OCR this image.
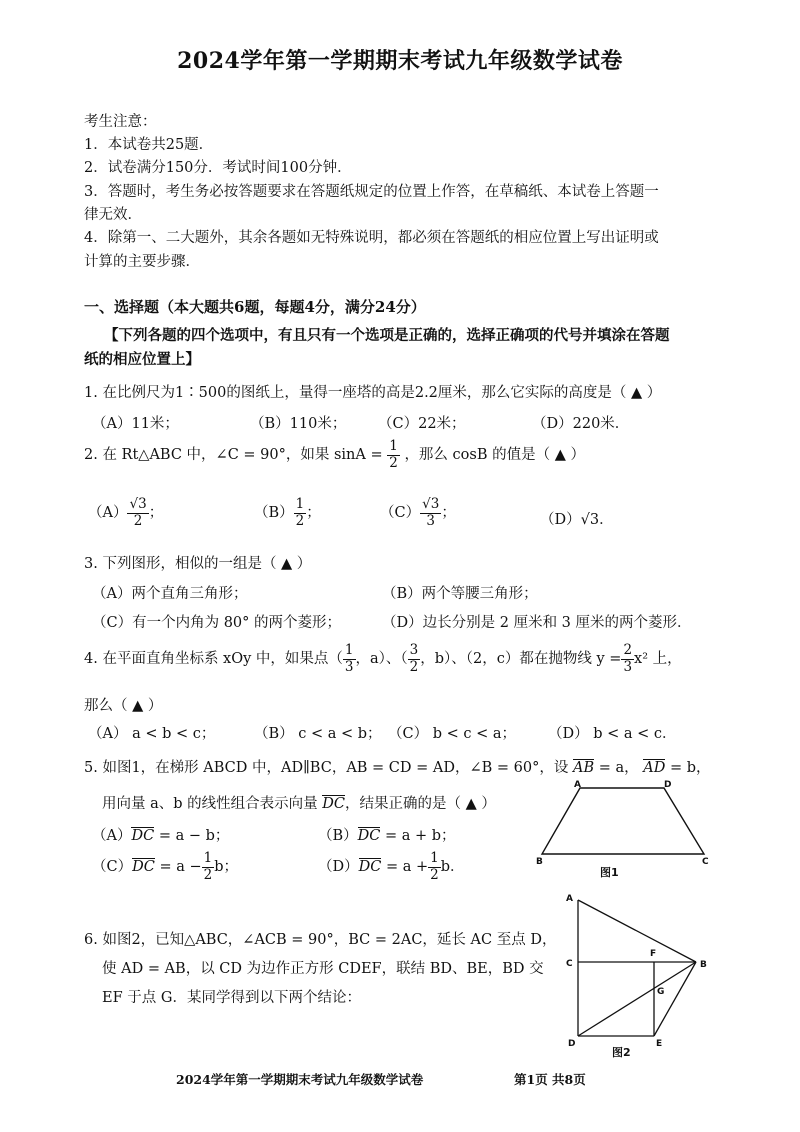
2024学年第一学期期末考试九年级数学试卷
考生注意：
1．本试卷共25题．
2．试卷满分150分．考试时间100分钟．
3．答题时，考生务必按答题要求在答题纸规定的位置上作答，在草稿纸、本试卷上答题一
律无效．
4．除第一、二大题外，其余各题如无特殊说明，都必须在答题纸的相应位置上写出证明或
计算的主要步骤．
一、选择题（本大题共6题，每题4分，满分24分）
【下列各题的四个选项中，有且只有一个选项是正确的，选择正确项的代号并填涂在答题
纸的相应位置上】
1. 在比例尺为1∶500的图纸上，量得一座塔的高是2.2厘米，那么它实际的高度是（ ▲ ）
（A）11米；	（B）110米； （C）22米；	（D）220米．
2. 在 Rt△ABC 中，∠C = 90°，如果 $\sin A = \frac{1}{2}$ ，那么 cosB 的值是（ ▲ ）
$(A) \frac{√3}{2}$ ；	$(B) \frac{1}{2}$ ；	$(C) \frac{√3}{3}$ ；	（D）√3．
3. 下列图形，相似的一组是（ ▲ ）
（A）两个直角三角形；	（B）两个等腰三角形；
（C）有一个内角为 80° 的两个菱形；	（D）边长分别是 2 厘米和 3 厘米的两个菱形．
4. 在平面直角坐标系 xOy 中，如果点（ $\frac{1}{3}$ ，a）、（ $\frac{3}{2}$ ，b）、（2，c）都在抛物线 $y = \frac{2}{3} x^2$ 上，
那么（ ▲ ）
（A） a < b < c；	（B） c < a < b； （C） b < c < a； （D） b < a < c．
5. 如图1，在梯形 ABCD 中，AD∥BC，AB = CD = AD，∠B = 60°，设 AB = a， AD = b，
用向量 a、b 的线性组合表示向量 DC，结果正确的是（ ▲ ）
（A）DC = a − b；	（B）DC = a + b；
$(C)DC = a - \frac{1}{2}$ b；	$(D)DC = a + \frac{1}{2}$ b．
A	D
B	C
图1
6. 如图2，已知△ABC，∠ACB = 90°，BC = 2AC，延长 AC 至点 D，
使 AD = AB，以 CD 为边作正方形 CDEF，联结 BD、BE，BD 交
EF 于点 G．某同学得到以下两个结论：
A
B
C
D	E
F
G
图2
2024学年第一学期期末考试九年级数学试卷	第1页 共8页
